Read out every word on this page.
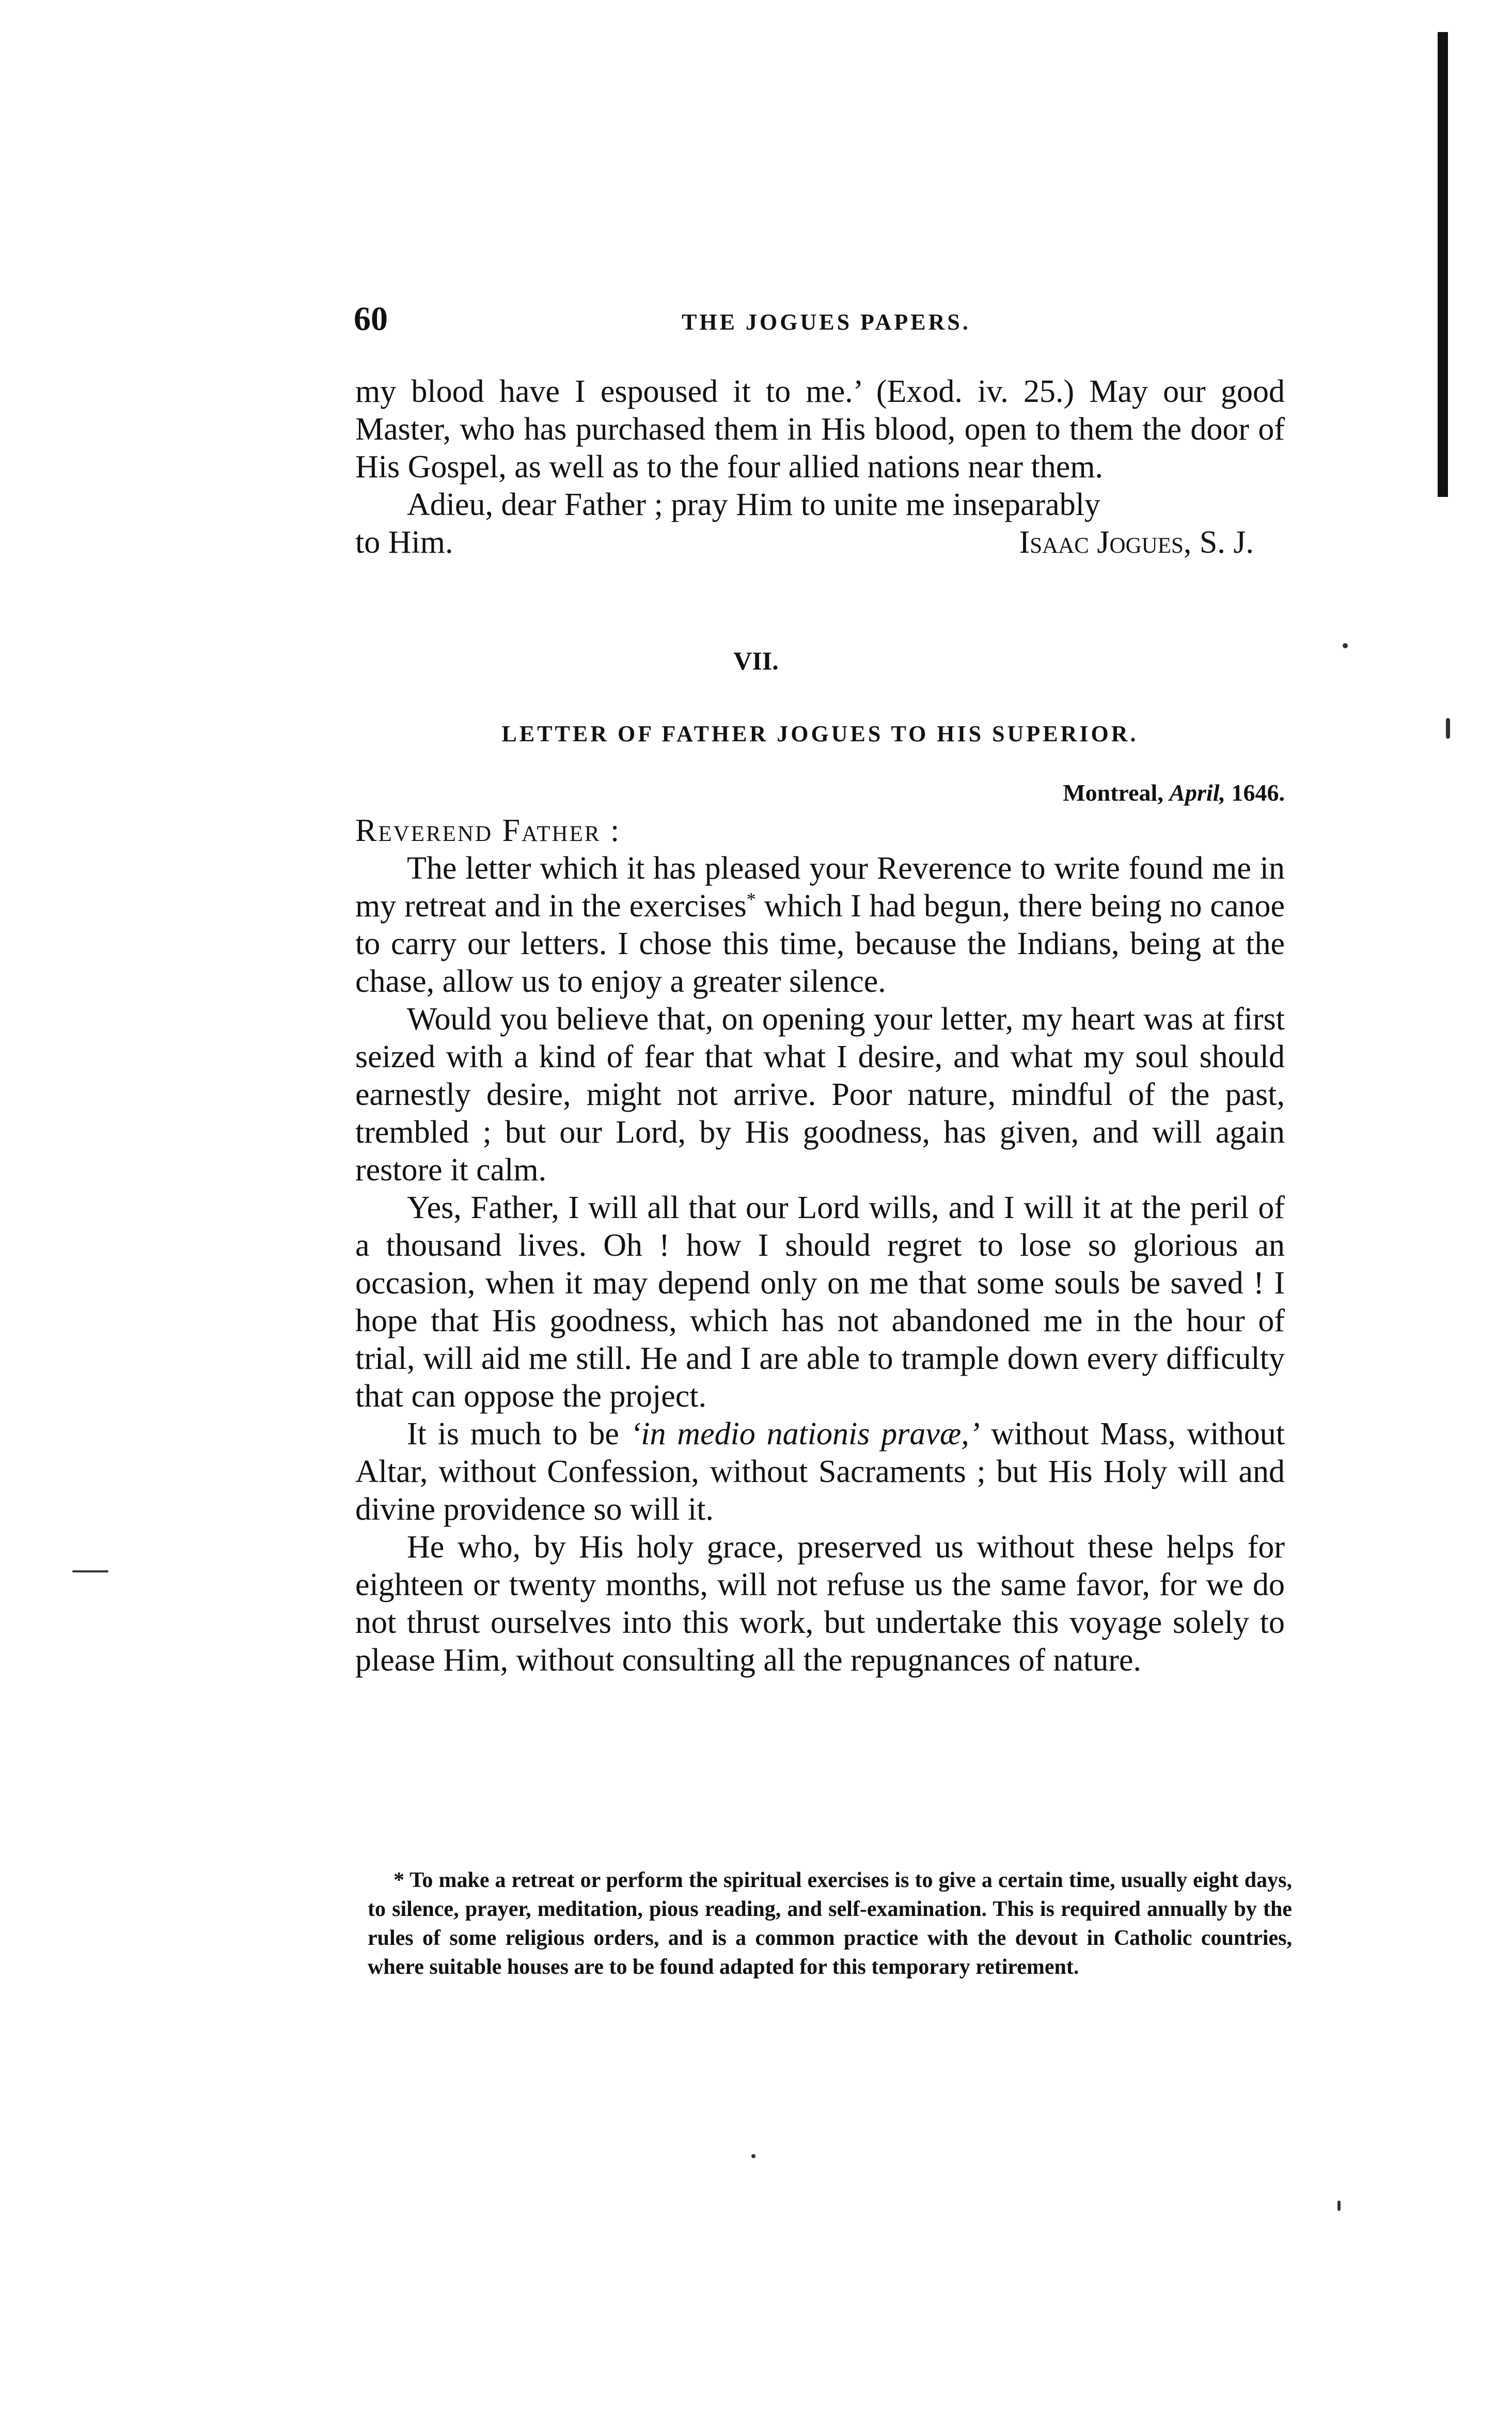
60	THE JOGUES PAPERS.

my blood have I espoused it to me.’ (Exod. iv. 25.) May our good Master, who has purchased them in His blood, open to them the door of His Gospel, as well as to the four allied nations near them.

Adieu, dear Father ; pray Him to unite me inseparably

to Him.	Isaac Jogues, S. J.

VII.
LETTER OF FATHER JOGUES TO HIS SUPERIOR.
Montreal, April, 1646.

Reverend Father :

The letter which it has pleased your Reverence to write found me in my retreat and in the exercises* which I had begun, there being no canoe to carry our letters. I chose this time, because the Indians, being at the chase, allow us to enjoy a greater silence.

Would you believe that, on opening your letter, my heart was at first seized with a kind of fear that what I desire, and what my soul should earnestly desire, might not arrive. Poor nature, mindful of the past, trembled ; but our Lord, by His goodness, has given, and will again restore it calm.

Yes, Father, I will all that our Lord wills, and I will it at the peril of a thousand lives. Oh ! how I should regret to lose so glorious an occasion, when it may depend only on me that some souls be saved ! I hope that His goodness, which has not abandoned me in the hour of trial, will aid me still. He and I are able to trample down every difficulty that can oppose the project.

It is much to be ‘in medio nationis pravæ,’ without Mass, without Altar, without Confession, without Sacraments ; but His Holy will and divine providence so will it.

He who, by His holy grace, preserved us without these helps for eighteen or twenty months, will not refuse us the same favor, for we do not thrust ourselves into this work, but undertake this voyage solely to please Him, without consulting all the repugnances of nature.

* To make a retreat or perform the spiritual exercises is to give a certain time, usually eight days, to silence, prayer, meditation, pious reading, and self-examination. This is required annually by the rules of some religious orders, and is a common practice with the devout in Catholic countries, where suitable houses are to be found adapted for this temporary retirement.
